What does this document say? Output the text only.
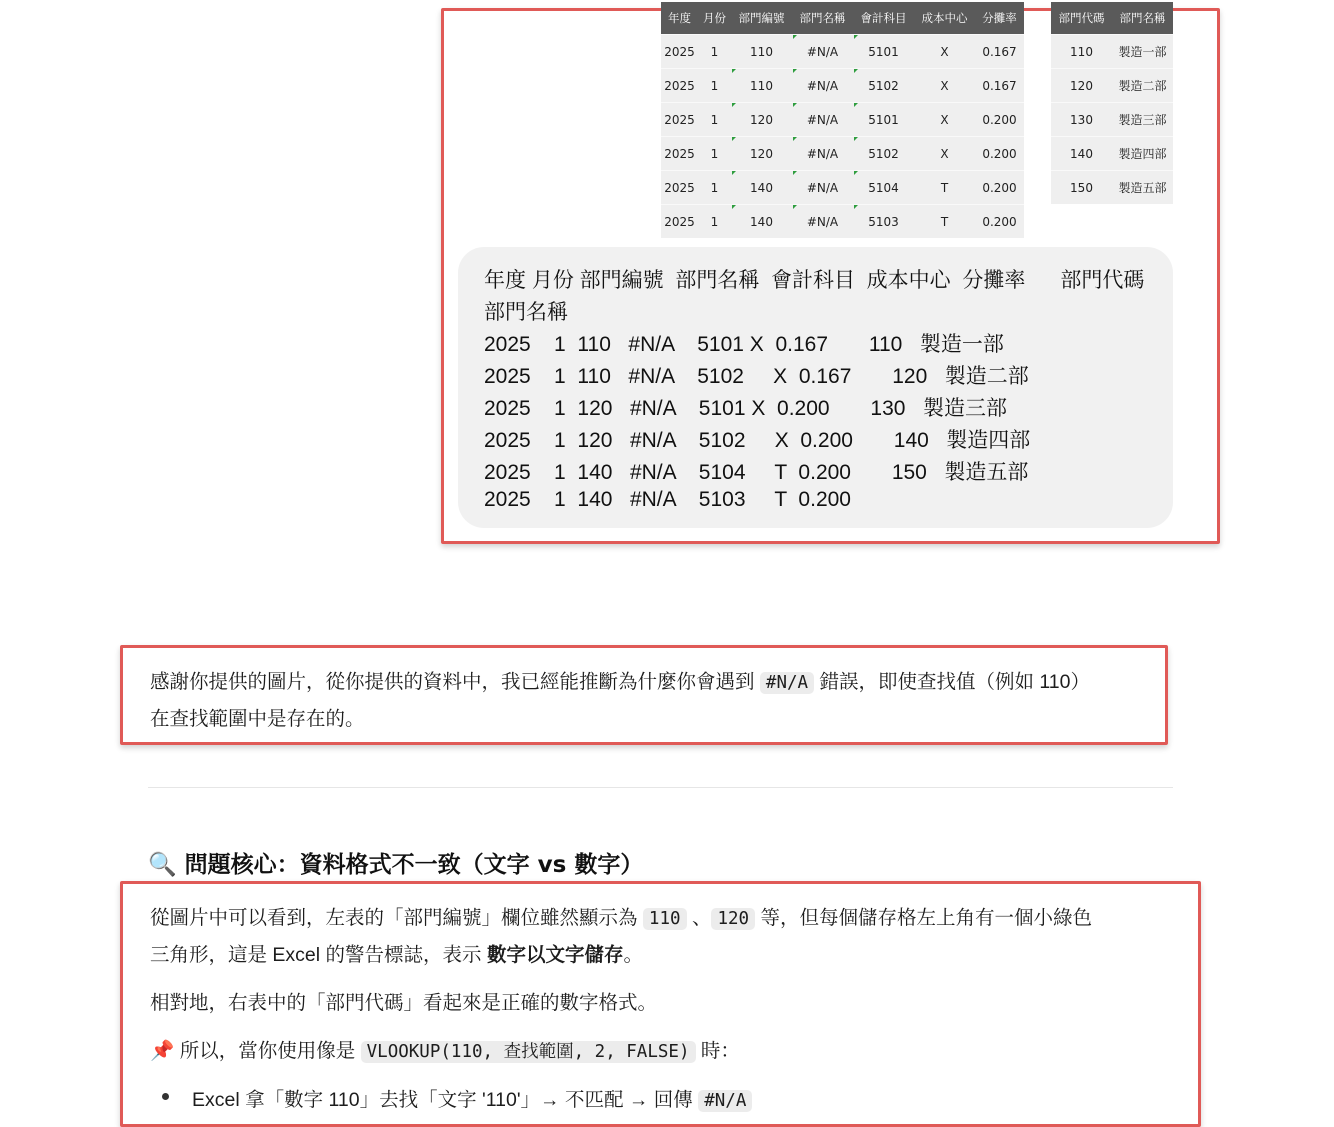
年度	月份	部門編號	部門名稱	會計科目	成本中心	分攤率
2025	1	110	#N/A	5101	X	0.167
2025	1	110	#N/A	5102	X	0.167
2025	1	120	#N/A	5101	X	0.200
2025	1	120	#N/A	5102	X	0.200
2025	1	140	#N/A	5104	T	0.200
2025	1	140	#N/A	5103	T	0.200
部門代碼	部門名稱
110	製造一部
120	製造二部
130	製造三部
140	製造四部
150	製造五部
年度 月份 部門編號  部門名稱  會計科目  成本中心  分攤率      部門代碼
部門名稱
2025    1  110   #N/A    5101 X  0.167       110   製造一部
2025    1  110   #N/A    5102     X  0.167       120   製造二部
2025    1  120   #N/A    5101 X  0.200       130   製造三部
2025    1  120   #N/A    5102     X  0.200       140   製造四部
2025    1  140   #N/A    5104     T  0.200       150   製造五部
2025    1  140   #N/A    5103     T  0.200
感謝你提供的圖片，從你提供的資料中，我已經能推斷為什麼你會遇到 #N/A 錯誤，即使查找值（例如 110）
在查找範圍中是存在的。
🔍 問題核心：資料格式不一致（文字 vs 數字）
從圖片中可以看到，左表的「部門編號」欄位雖然顯示為 110 、 120 等，但每個儲存格左上角有一個小綠色
三角形，這是 Excel 的警告標誌，表示 數字以文字儲存。
相對地，右表中的「部門代碼」看起來是正確的數字格式。
📌 所以，當你使用像是 VLOOKUP(110, 查找範圍, 2, FALSE) 時：
Excel 拿「數字 110」去找「文字 '110'」→ 不匹配 → 回傳 #N/A
